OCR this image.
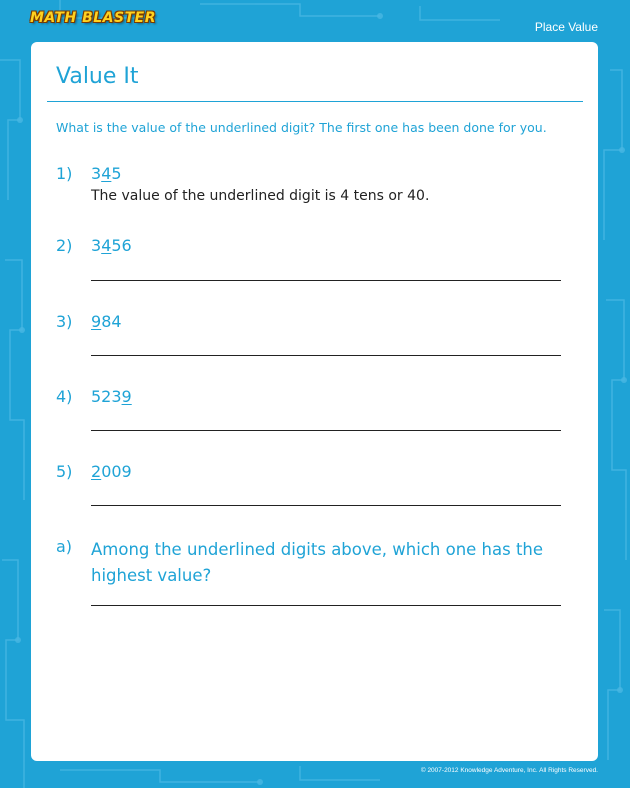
MATH BLASTER
Place Value
Value It
What is the value of the underlined digit? The first one has been done for you.
1) 345
The value of the underlined digit is 4 tens or 40.
2) 3456
3) 984
4) 5239
5) 2009
a) Among the underlined digits above, which one has the highest value?
© 2007-2012 Knowledge Adventure, Inc. All Rights Reserved.
